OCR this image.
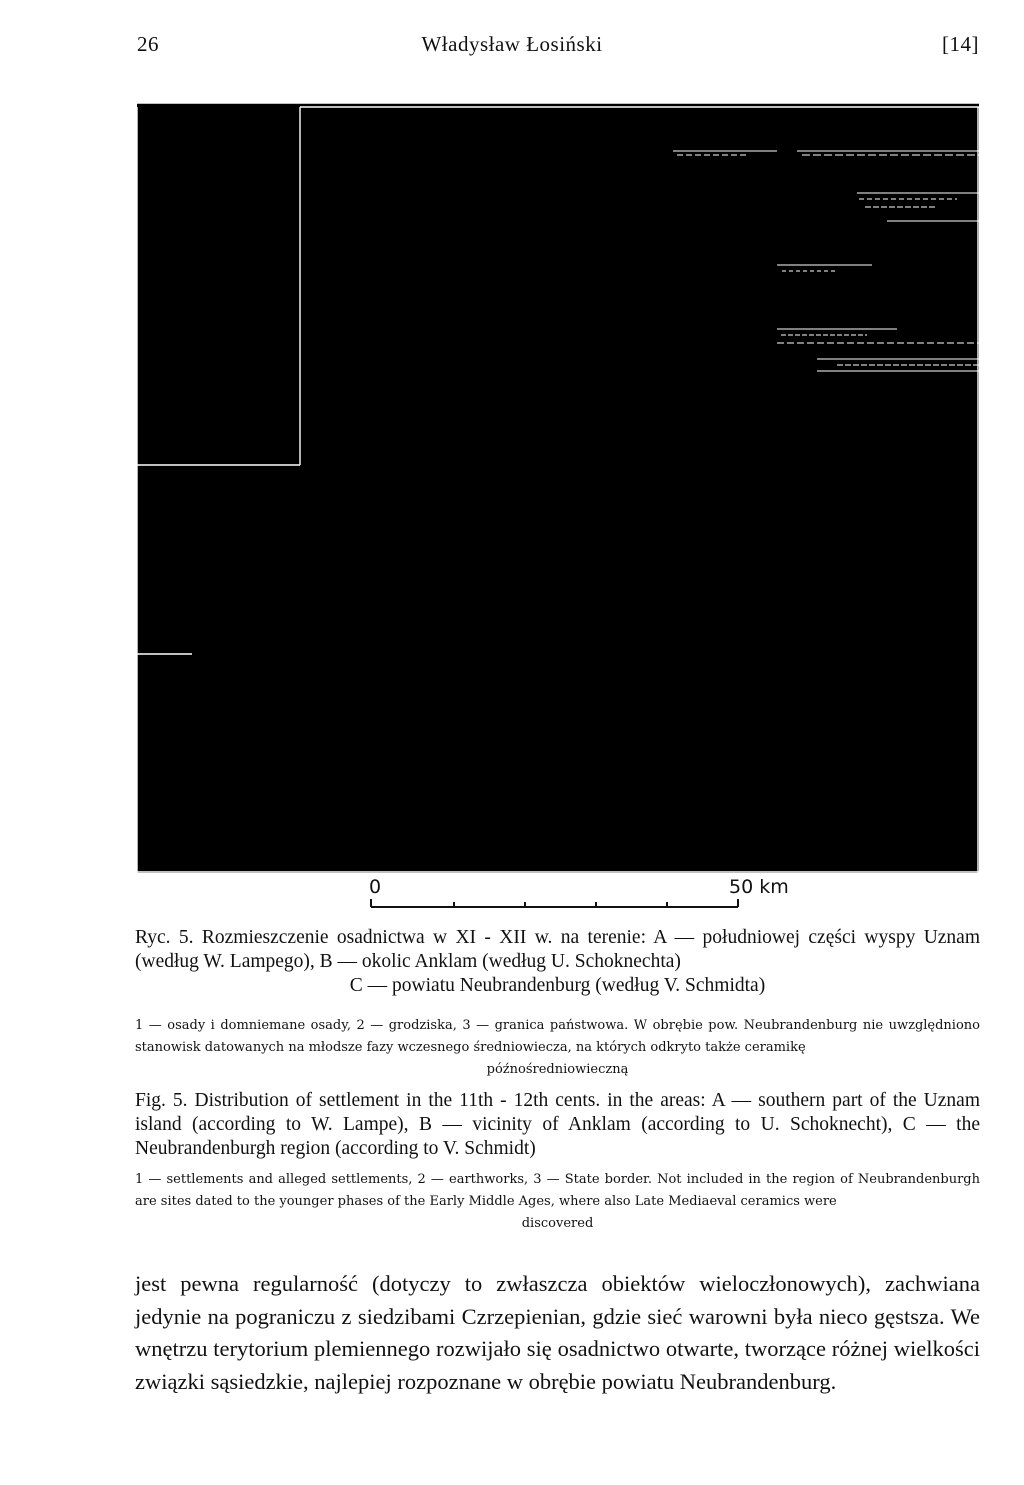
26	Władysław Łosiński	[14]
0	50 km
Ryc. 5. Rozmieszczenie osadnictwa w XI - XII w. na terenie: A — południowej części wyspy Uznam (według W. Lampego), B — okolic Anklam (według U. Schoknechta)
C — powiatu Neubrandenburg (według V. Schmidta)
1 — osady i domniemane osady, 2 — grodziska, 3 — granica państwowa. W obrębie pow. Neubrandenburg nie uwzględniono stanowisk datowanych na młodsze fazy wczesnego średniowiecza, na których odkryto także ceramikę
późnośredniowieczną
Fig. 5. Distribution of settlement in the 11th - 12th cents. in the areas: A — southern part of the Uznam island (according to W. Lampe), B — vicinity of Anklam (according to U. Schoknecht), C — the Neubrandenburgh region (according to V. Schmidt)
1 — settlements and alleged settlements, 2 — earthworks, 3 — State border. Not included in the region of Neubrandenburgh are sites dated to the younger phases of the Early Middle Ages, where also Late Mediaeval ceramics were
discovered
jest pewna regularność (dotyczy to zwłaszcza obiektów wieloczłonowych), zachwiana jedynie na pograniczu z siedzibami Czrzepienian, gdzie sieć warowni była nieco gęstsza. We wnętrzu terytorium plemiennego rozwijało się osadnictwo otwarte, tworzące różnej wielkości związki sąsiedzkie, najlepiej rozpoznane w obrębie powiatu Neubrandenburg.
